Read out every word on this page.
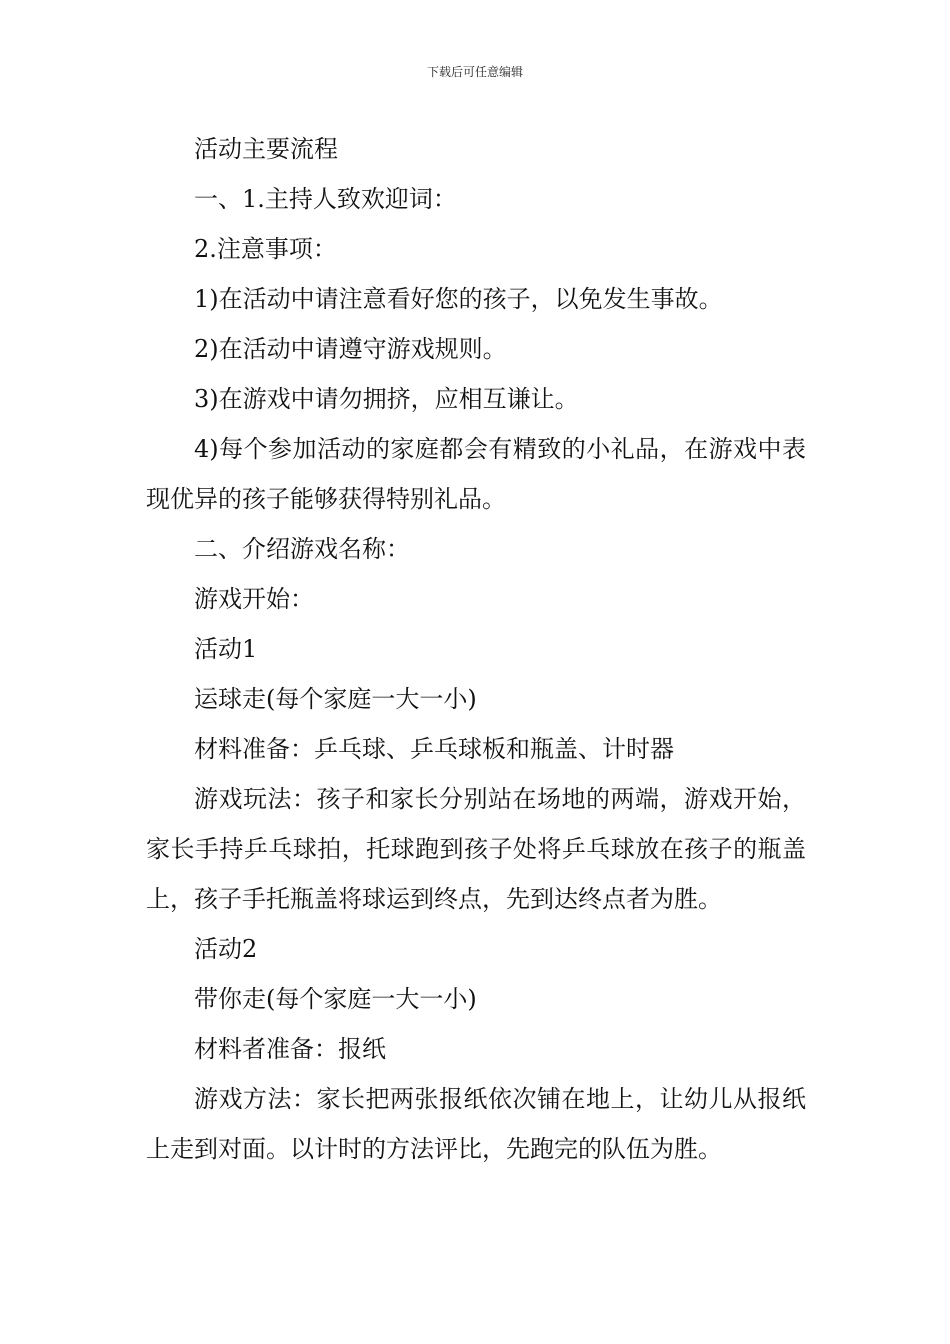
下载后可任意编辑

活动主要流程

一、1.主持人致欢迎词：

2.注意事项：

1)在活动中请注意看好您的孩子，以免发生事故。

2)在活动中请遵守游戏规则。

3)在游戏中请勿拥挤，应相互谦让。

4)每个参加活动的家庭都会有精致的小礼品，在游戏中表现优异的孩子能够获得特别礼品。

二、介绍游戏名称：

游戏开始：

活动1

运球走(每个家庭一大一小)

材料准备：乒乓球、乒乓球板和瓶盖、计时器

游戏玩法：孩子和家长分别站在场地的两端，游戏开始，家长手持乒乓球拍，托球跑到孩子处将乒乓球放在孩子的瓶盖上，孩子手托瓶盖将球运到终点，先到达终点者为胜。

活动2

带你走(每个家庭一大一小)

材料者准备：报纸

游戏方法：家长把两张报纸依次铺在地上，让幼儿从报纸上走到对面。以计时的方法评比，先跑完的队伍为胜。
